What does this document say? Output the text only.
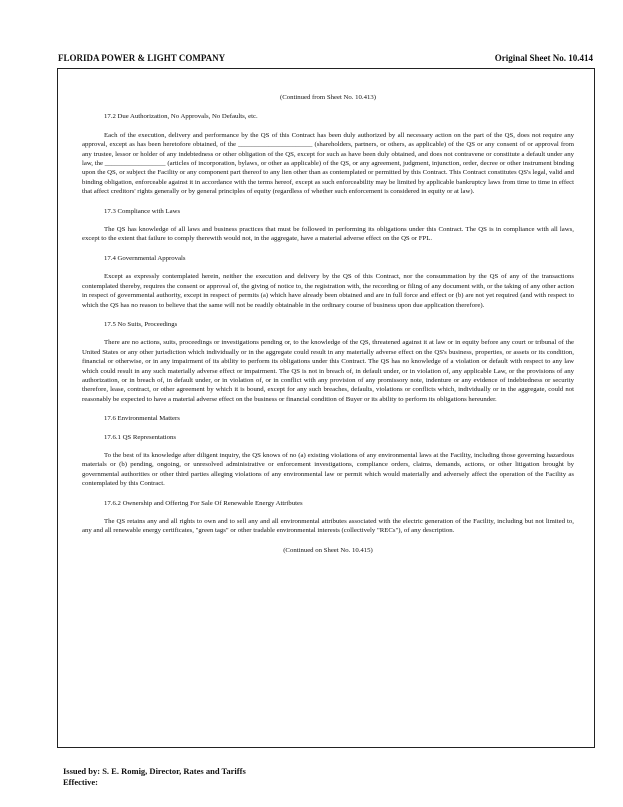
FLORIDA POWER & LIGHT COMPANY	Original Sheet No. 10.414

(Continued from Sheet No. 10.413)

17.2 Due Authorization, No Approvals, No Defaults, etc.

Each of the execution, delivery and performance by the QS of this Contract has been duly authorized by all necessary action on the part of the QS, does not require any approval, except as has been heretofore obtained, of the ______________________ (shareholders, partners, or others, as applicable) of the QS or any consent of or approval from any trustee, lessor or holder of any indebtedness or other obligation of the QS, except for such as have been duly obtained, and does not contravene or constitute a default under any law, the __________________ (articles of incorporation, bylaws, or other as applicable) of the QS, or any agreement, judgment, injunction, order, decree or other instrument binding upon the QS, or subject the Facility or any component part thereof to any lien other than as contemplated or permitted by this Contract. This Contract constitutes QS's legal, valid and binding obligation, enforceable against it in accordance with the terms hereof, except as such enforceability may be limited by applicable bankruptcy laws from time to time in effect that affect creditors' rights generally or by general principles of equity (regardless of whether such enforcement is considered in equity or at law).

17.3 Compliance with Laws

The QS has knowledge of all laws and business practices that must be followed in performing its obligations under this Contract. The QS is in compliance with all laws, except to the extent that failure to comply therewith would not, in the aggregate, have a material adverse effect on the QS or FPL.

17.4 Governmental Approvals

Except as expressly contemplated herein, neither the execution and delivery by the QS of this Contract, nor the consummation by the QS of any of the transactions contemplated thereby, requires the consent or approval of, the giving of notice to, the registration with, the recording or filing of any document with, or the taking of any other action in respect of governmental authority, except in respect of permits (a) which have already been obtained and are in full force and effect or (b) are not yet required (and with respect to which the QS has no reason to believe that the same will not be readily obtainable in the ordinary course of business upon due application therefore).

17.5 No Suits, Proceedings

There are no actions, suits, proceedings or investigations pending or, to the knowledge of the QS, threatened against it at law or in equity before any court or tribunal of the United States or any other jurisdiction which individually or in the aggregate could result in any materially adverse effect on the QS's business, properties, or assets or its condition, financial or otherwise, or in any impairment of its ability to perform its obligations under this Contract. The QS has no knowledge of a violation or default with respect to any law which could result in any such materially adverse effect or impairment. The QS is not in breach of, in default under, or in violation of, any applicable Law, or the provisions of any authorization, or in breach of, in default under, or in violation of, or in conflict with any provision of any promissory note, indenture or any evidence of indebtedness or security therefore, lease, contract, or other agreement by which it is bound, except for any such breaches, defaults, violations or conflicts which, individually or in the aggregate, could not reasonably be expected to have a material adverse effect on the business or financial condition of Buyer or its ability to perform its obligations hereunder.

17.6 Environmental Matters

17.6.1 QS Representations

To the best of its knowledge after diligent inquiry, the QS knows of no (a) existing violations of any environmental laws at the Facility, including those governing hazardous materials or (b) pending, ongoing, or unresolved administrative or enforcement investigations, compliance orders, claims, demands, actions, or other litigation brought by governmental authorities or other third parties alleging violations of any environmental law or permit which would materially and adversely affect the operation of the Facility as contemplated by this Contract.

17.6.2 Ownership and Offering For Sale Of Renewable Energy Attributes

The QS retains any and all rights to own and to sell any and all environmental attributes associated with the electric generation of the Facility, including but not limited to, any and all renewable energy certificates, "green tags" or other tradable environmental interests (collectively "RECs"), of any description.

(Continued on Sheet No. 10.415)

Issued by: S. E. Romig, Director, Rates and Tariffs
Effective:
